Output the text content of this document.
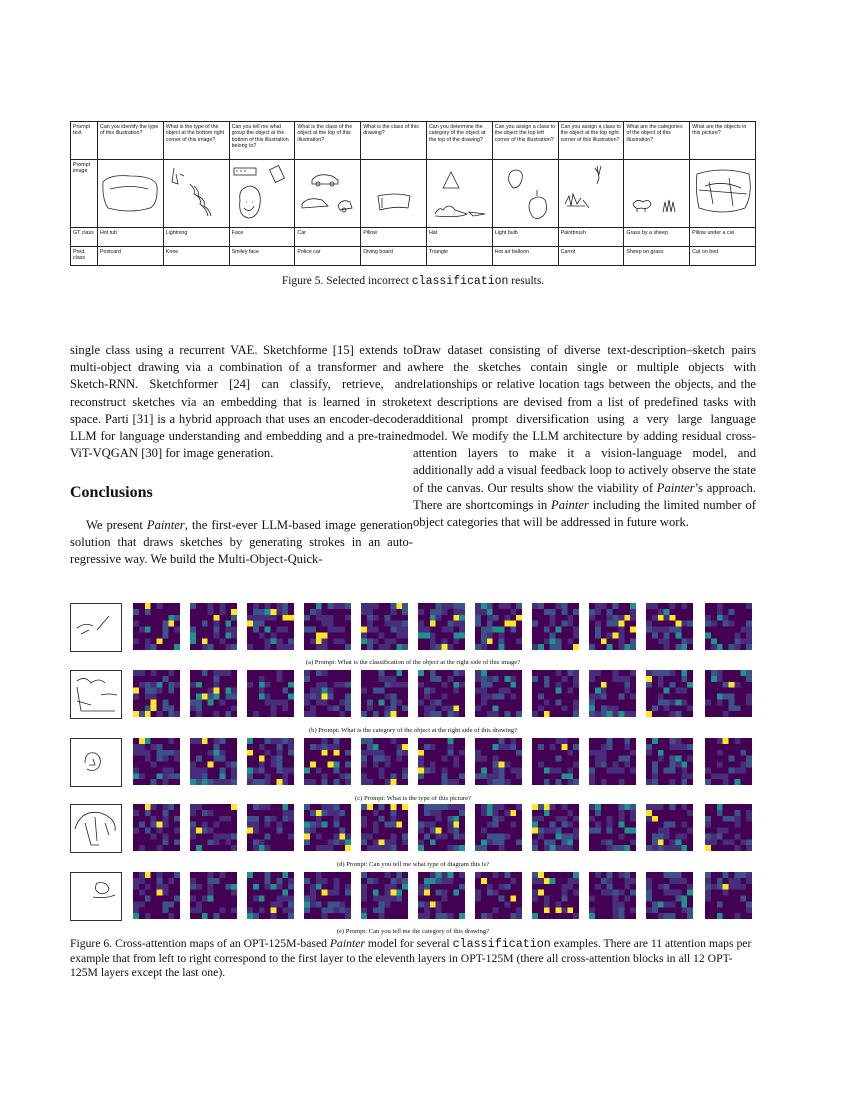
Prompt text	Can you identify the type of this illustration?	What is the type of the object at the bottom right corner of this image?	Can you tell me what group the object at the bottom of this illustration belong to?	What is the class of the object at the top of this illustration?	What is the class of this drawing?	Can you determine the category of the object at the top of the drawing?	Can you assign a class to the object the top left corner of this illustration?	Can you assign a class to the object at the top right corner of this illustration?	What are the categories of the object of this illustration?	What are the objects in this picture?
Prompt image	

GT class	Hot tub	Lightning	Face	Car	Pillow	Hat	Light bulb	Paintbrush	Grass by a sheep	Pillow under a cat
Pred. class	Postcard	Knee	Smiley face	Police car	Diving board	Triangle	Hot air balloon	Carrot	Sheep on grass	Cat on bed
Figure 5. Selected incorrect classification results.

single class using a recurrent VAE. Sketchforme [15] extends to multi-object drawing via a combination of a transformer and a Sketch-RNN. Sketchformer [24] can classify, retrieve, and reconstruct sketches via an embedding that is learned in stroke space. Parti [31] is a hybrid approach that uses an encoder-decoder LLM for language understanding and embedding and a pre-trained ViT-VQGAN [30] for image generation.

Conclusions

We present Painter, the first-ever LLM-based image generation solution that draws sketches by generating strokes in an auto-regressive way. We build the Multi-Object-Quick-

Draw dataset consisting of diverse text-description–sketch pairs where the sketches contain single or multiple objects with relationships or relative location tags between the objects, and the text descriptions are devised from a list of predefined tasks with additional prompt diversification using a very large language model. We modify the LLM architecture by adding residual cross-attention layers to make it a vision-language model, and additionally add a visual feedback loop to actively observe the state of the canvas. Our results show the viability of Painter’s approach. There are shortcomings in Painter including the limited number of object categories that will be addressed in future work.

(a) Prompt: What is the classification of the object at the right side of this image?
(b) Prompt: What is the category of the object at the right side of this drawing?
(c) Prompt: What is the type of this picture?
(d) Prompt: Can you tell me what type of diagram this is?
(e) Prompt: Can you tell me the category of this drawing?
Figure 6. Cross-attention maps of an OPT-125M-based Painter model for several classification examples. There are 11 attention maps per example that from left to right correspond to the first layer to the eleventh layers in OPT-125M (there all cross-attention blocks in all 12 OPT-125M layers except the last one).
